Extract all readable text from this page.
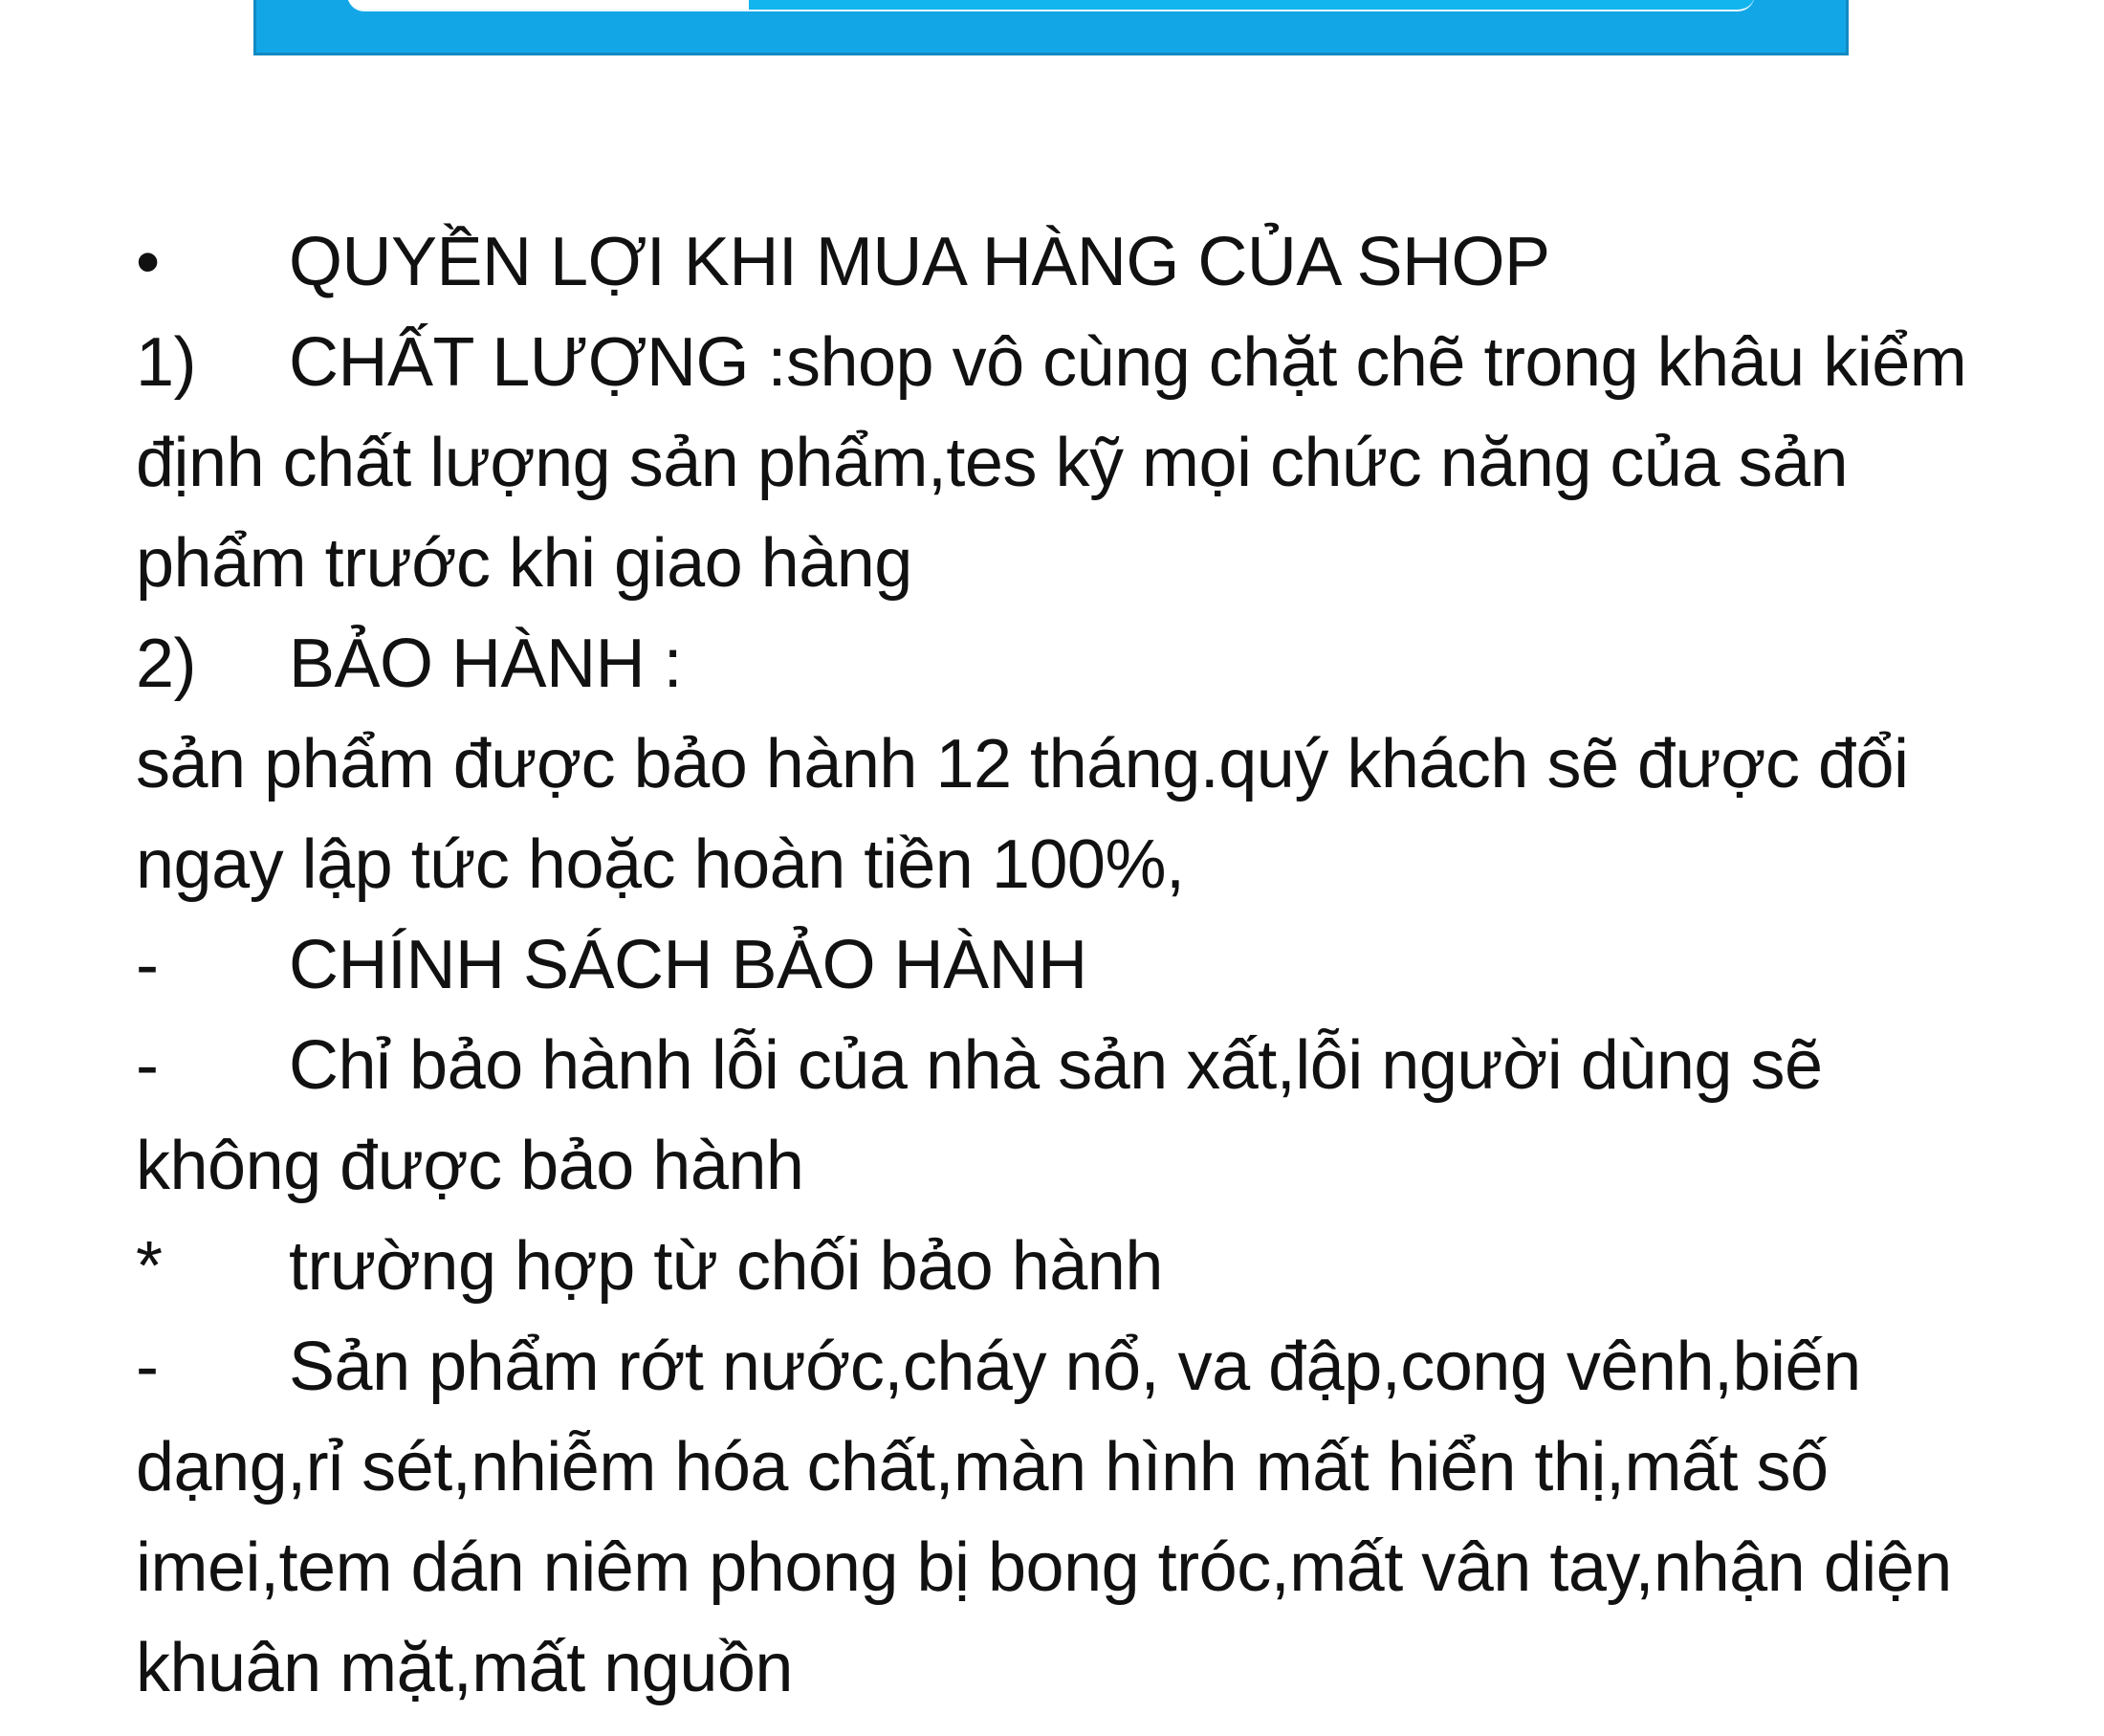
• QUYỀN LỢI KHI MUA HÀNG CỦA SHOP
1) CHẤT LƯỢNG :shop vô cùng chặt chẽ trong khâu kiểm
định chất lượng sản phẩm,tes kỹ mọi chức năng của sản
phẩm trước khi giao hàng
2) BẢO HÀNH :
sản phẩm được bảo hành 12 tháng.quý khách sẽ được đổi
ngay lập tức hoặc hoàn tiền 100%,
- CHÍNH SÁCH BẢO HÀNH
- Chỉ bảo hành lỗi của nhà sản xất,lỗi người dùng sẽ
không được bảo hành
* trường hợp từ chối bảo hành
- Sản phẩm rớt nước,cháy nổ, va đập,cong vênh,biến
dạng,rỉ sét,nhiễm hóa chất,màn hình mất hiển thị,mất số
imei,tem dán niêm phong bị bong tróc,mất vân tay,nhận diện
khuân mặt,mất nguồn
